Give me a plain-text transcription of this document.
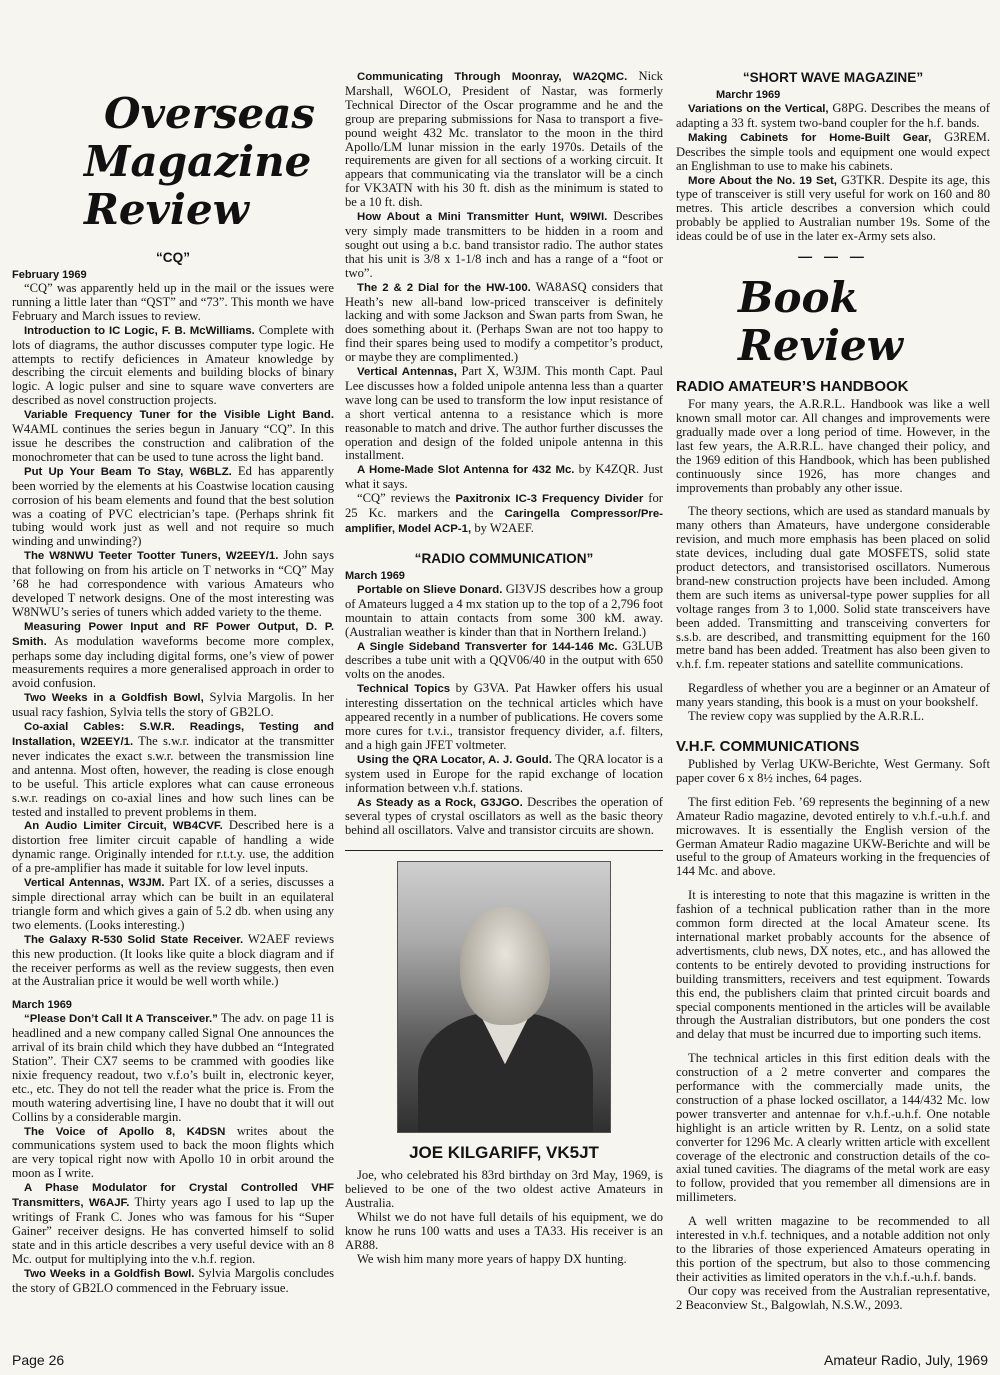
Overseas
Magazine Review
“CQ”
February 1969

“CQ” was apparently held up in the mail or the issues were running a little later than “QST” and “73”. This month we have February and March issues to review.

Introduction to IC Logic, F. B. McWilliams. Complete with lots of diagrams, the author discusses computer type logic. He attempts to rectify deficiences in Amateur knowledge by describing the circuit elements and building blocks of binary logic. A logic pulser and sine to square wave converters are described as novel construction projects.

Variable Frequency Tuner for the Visible Light Band. W4AML continues the series begun in January “CQ”. In this issue he describes the construction and calibration of the monochrometer that can be used to tune across the light band.

Put Up Your Beam To Stay, W6BLZ. Ed has apparently been worried by the elements at his Coastwise location causing corrosion of his beam elements and found that the best solution was a coating of PVC electrician’s tape. (Perhaps shrink fit tubing would work just as well and not require so much winding and unwinding?)

The W8NWU Teeter Tootter Tuners, W2EEY/1. John says that following on from his article on T networks in “CQ” May ’68 he had correspondence with various Amateurs who developed T network designs. One of the most interesting was W8NWU’s series of tuners which added variety to the theme.

Measuring Power Input and RF Power Output, D. P. Smith. As modulation waveforms become more complex, perhaps some day including digital forms, one’s view of power measurements requires a more generalised approach in order to avoid confusion.

Two Weeks in a Goldfish Bowl, Sylvia Margolis. In her usual racy fashion, Sylvia tells the story of GB2LO.

Co-axial Cables: S.W.R. Readings, Testing and Installation, W2EEY/1. The s.w.r. indicator at the transmitter never indicates the exact s.w.r. between the transmission line and antenna. Most often, however, the reading is close enough to be useful. This article explores what can cause erroneous s.w.r. readings on co-axial lines and how such lines can be tested and installed to prevent problems in them.

An Audio Limiter Circuit, WB4CVF. Described here is a distortion free limiter circuit capable of handling a wide dynamic range. Originally intended for r.t.t.y. use, the addition of a pre-amplifier has made it suitable for low level inputs.

Vertical Antennas, W3JM. Part IX. of a series, discusses a simple directional array which can be built in an equilateral triangle form and which gives a gain of 5.2 db. when using any two elements. (Looks interesting.)

The Galaxy R-530 Solid State Receiver. W2AEF reviews this new production. (It looks like quite a block diagram and if the receiver performs as well as the review suggests, then even at the Australian price it would be well worth while.)

March 1969

“Please Don’t Call It A Transceiver.” The adv. on page 11 is headlined and a new company called Signal One announces the arrival of its brain child which they have dubbed an “Integrated Station”. Their CX7 seems to be crammed with goodies like nixie frequency readout, two v.f.o’s built in, electronic keyer, etc., etc. They do not tell the reader what the price is. From the mouth watering advertising line, I have no doubt that it will out Collins by a considerable margin.

The Voice of Apollo 8, K4DSN writes about the communications system used to back the moon flights which are very topical right now with Apollo 10 in orbit around the moon as I write.

A Phase Modulator for Crystal Controlled VHF Transmitters, W6AJF. Thirty years ago I used to lap up the writings of Frank C. Jones who was famous for his “Super Gainer” receiver designs. He has converted himself to solid state and in this article describes a very useful device with an 8 Mc. output for multiplying into the v.h.f. region.

Two Weeks in a Goldfish Bowl. Sylvia Margolis concludes the story of GB2LO commenced in the February issue.

Communicating Through Moonray, WA2QMC. Nick Marshall, W6OLO, President of Nastar, was formerly Technical Director of the Oscar programme and he and the group are preparing submissions for Nasa to transport a five-pound weight 432 Mc. translator to the moon in the third Apollo/LM lunar mission in the early 1970s. Details of the requirements are given for all sections of a working circuit. It appears that communicating via the translator will be a cinch for VK3ATN with his 30 ft. dish as the minimum is stated to be a 10 ft. dish.

How About a Mini Transmitter Hunt, W9IWI. Describes very simply made transmitters to be hidden in a room and sought out using a b.c. band transistor radio. The author states that his unit is 3/8 x 1-1/8 inch and has a range of a “foot or two”.

The 2 & 2 Dial for the HW-100. WA8ASQ considers that Heath’s new all-band low-priced transceiver is definitely lacking and with some Jackson and Swan parts from Swan, he does something about it. (Perhaps Swan are not too happy to find their spares being used to modify a competitor’s product, or maybe they are complimented.)

Vertical Antennas, Part X, W3JM. This month Capt. Paul Lee discusses how a folded unipole antenna less than a quarter wave long can be used to transform the low input resistance of a short vertical antenna to a resistance which is more reasonable to match and drive. The author further discusses the operation and design of the folded unipole antenna in this installment.

A Home-Made Slot Antenna for 432 Mc. by K4ZQR. Just what it says.

“CQ” reviews the Paxitronix IC-3 Frequency Divider for 25 Kc. markers and the Caringella Compressor/Pre-amplifier, Model ACP-1, by W2AEF.

“RADIO COMMUNICATION”
March 1969

Portable on Slieve Donard. GI3VJS describes how a group of Amateurs lugged a 4 mx station up to the top of a 2,796 foot mountain to attain contacts from some 300 kM. away. (Australian weather is kinder than that in Northern Ireland.)

A Single Sideband Transverter for 144-146 Mc. G3LUB describes a tube unit with a QQV06/40 in the output with 650 volts on the anodes.

Technical Topics by G3VA. Pat Hawker offers his usual interesting dissertation on the technical articles which have appeared recently in a number of publications. He covers some more cures for t.v.i., transistor frequency divider, a.f. filters, and a high gain JFET voltmeter.

Using the QRA Locator, A. J. Gould. The QRA locator is a system used in Europe for the rapid exchange of location information between v.h.f. stations.

As Steady as a Rock, G3JGO. Describes the operation of several types of crystal oscillators as well as the basic theory behind all oscillators. Valve and transistor circuits are shown.

JOE KILGARIFF, VK5JT

Joe, who celebrated his 83rd birthday on 3rd May, 1969, is believed to be one of the two oldest active Amateurs in Australia.

Whilst we do not have full details of his equipment, we do know he runs 100 watts and uses a TA33. His receiver is an AR88.

We wish him many more years of happy DX hunting.

“SHORT WAVE MAGAZINE”
Marchr 1969

Variations on the Vertical, G8PG. Describes the means of adapting a 33 ft. system two-band coupler for the h.f. bands.

Making Cabinets for Home-Built Gear, G3REM. Describes the simple tools and equipment one would expect an Englishman to use to make his cabinets.

More About the No. 19 Set, G3TKR. Despite its age, this type of transceiver is still very useful for work on 160 and 80 metres. This article describes a conversion which could probably be applied to Australian number 19s. Some of the ideas could be of use in the later ex-Army sets also.

— — —
Book Review
RADIO AMATEUR’S HANDBOOK

For many years, the A.R.R.L. Handbook was like a well known small motor car. All changes and improvements were gradually made over a long period of time. However, in the last few years, the A.R.R.L. have changed their policy, and the 1969 edition of this Handbook, which has been published continuously since 1926, has more changes and improvements than probably any other issue.

The theory sections, which are used as standard manuals by many others than Amateurs, have undergone considerable revision, and much more emphasis has been placed on solid state devices, including dual gate MOSFETS, solid state product detectors, and transistorised oscillators. Numerous brand-new construction projects have been included. Among them are such items as universal-type power supplies for all voltage ranges from 3 to 1,000. Solid state transceivers have been added. Transmitting and transceiving converters for s.s.b. are described, and transmitting equipment for the 160 metre band has been added. Treatment has also been given to v.h.f. f.m. repeater stations and satellite communications.

Regardless of whether you are a beginner or an Amateur of many years standing, this book is a must on your bookshelf.

The review copy was supplied by the A.R.R.L.

V.H.F. COMMUNICATIONS

Published by Verlag UKW-Berichte, West Germany. Soft paper cover 6 x 8½ inches, 64 pages.

The first edition Feb. ’69 represents the beginning of a new Amateur Radio magazine, devoted entirely to v.h.f.-u.h.f. and microwaves. It is essentially the English version of the German Amateur Radio magazine UKW-Berichte and will be useful to the group of Amateurs working in the frequencies of 144 Mc. and above.

It is interesting to note that this magazine is written in the fashion of a technical publication rather than in the more common form directed at the local Amateur scene. Its international market probably accounts for the absence of advertisments, club news, DX notes, etc., and has allowed the contents to be entirely devoted to providing instructions for building transmitters, receivers and test equipment. Towards this end, the publishers claim that printed circuit boards and special components mentioned in the articles will be available through the Australian distributors, but one ponders the cost and delay that must be incurred due to importing such items.

The technical articles in this first edition deals with the construction of a 2 metre converter and compares the performance with the commercially made units, the construction of a phase locked oscillator, a 144/432 Mc. low power transverter and antennae for v.h.f.-u.h.f. One notable highlight is an article written by R. Lentz, on a solid state converter for 1296 Mc. A clearly written article with excellent coverage of the electronic and construction details of the co-axial tuned cavities. The diagrams of the metal work are easy to follow, provided that you remember all dimensions are in millimeters.

A well written magazine to be recommended to all interested in v.h.f. techniques, and a notable addition not only to the libraries of those experienced Amateurs operating in this portion of the spectrum, but also to those commencing their activities as limited operators in the v.h.f.-u.h.f. bands.

Our copy was received from the Australian representative, 2 Beaconview St., Balgowlah, N.S.W., 2093.

Page 26	Amateur Radio, July, 1969
